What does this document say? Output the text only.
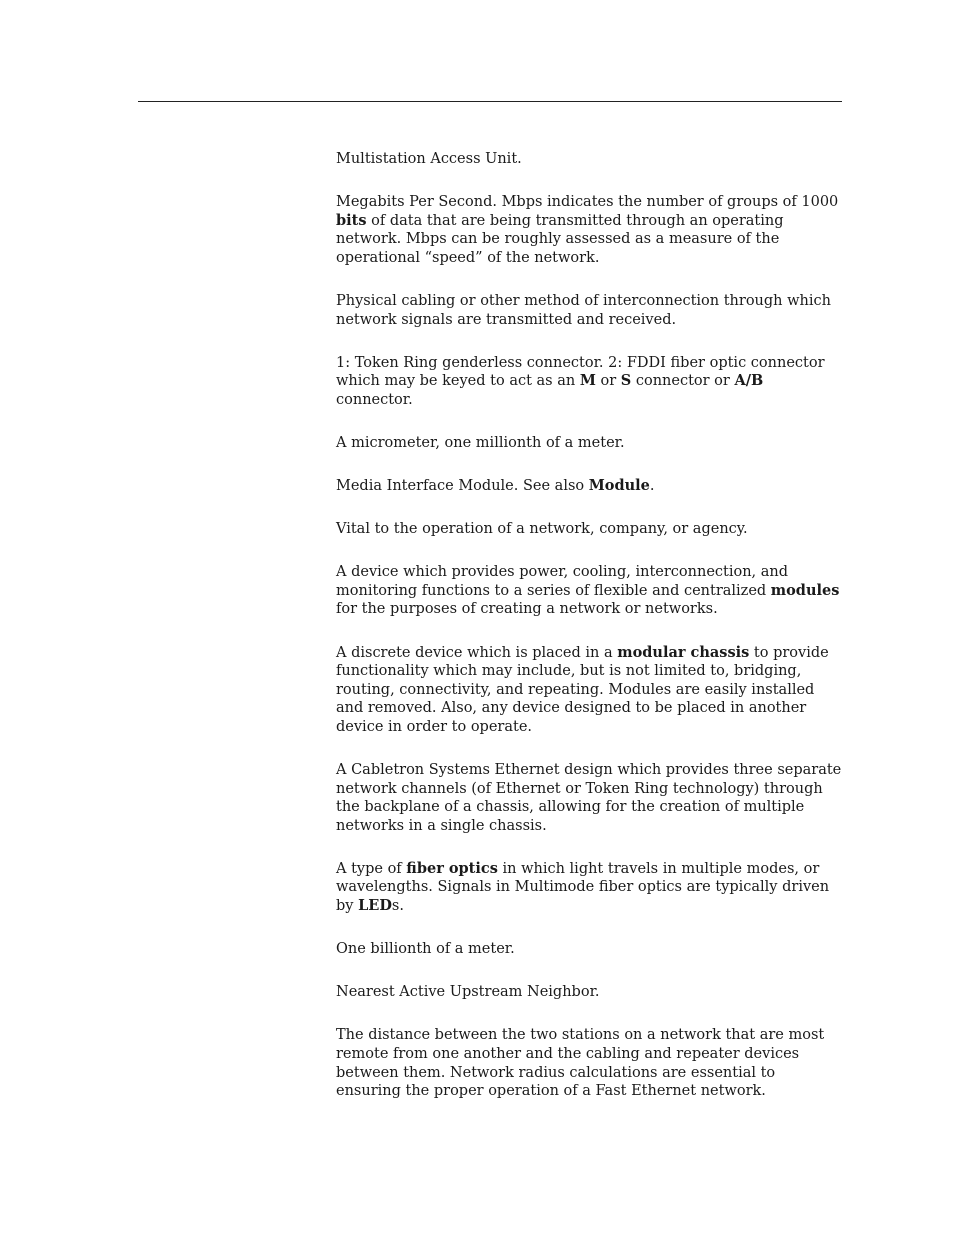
Multistation Access Unit.

Megabits Per Second. Mbps indicates the number of groups of 1000 bits of data that are being transmitted through an operating network. Mbps can be roughly assessed as a measure of the operational “speed” of the network.

Physical cabling or other method of interconnection through which network signals are transmitted and received.

1: Token Ring genderless connector. 2: FDDI fiber optic connector which may be keyed to act as an M or S connector or A/B connector.

A micrometer, one millionth of a meter.

Media Interface Module. See also Module.

Vital to the operation of a network, company, or agency.

A device which provides power, cooling, interconnection, and monitoring functions to a series of flexible and centralized modules for the purposes of creating a network or networks.

A discrete device which is placed in a modular chassis to provide functionality which may include, but is not limited to, bridging, routing, connectivity, and repeating. Modules are easily installed and removed. Also, any device designed to be placed in another device in order to operate.

A Cabletron Systems Ethernet design which provides three separate network channels (of Ethernet or Token Ring technology) through the backplane of a chassis, allowing for the creation of multiple networks in a single chassis.

A type of fiber optics in which light travels in multiple modes, or wavelengths. Signals in Multimode fiber optics are typically driven by LEDs.

One billionth of a meter.

Nearest Active Upstream Neighbor.

The distance between the two stations on a network that are most remote from one another and the cabling and repeater devices between them. Network radius calculations are essential to ensuring the proper operation of a Fast Ethernet network.
